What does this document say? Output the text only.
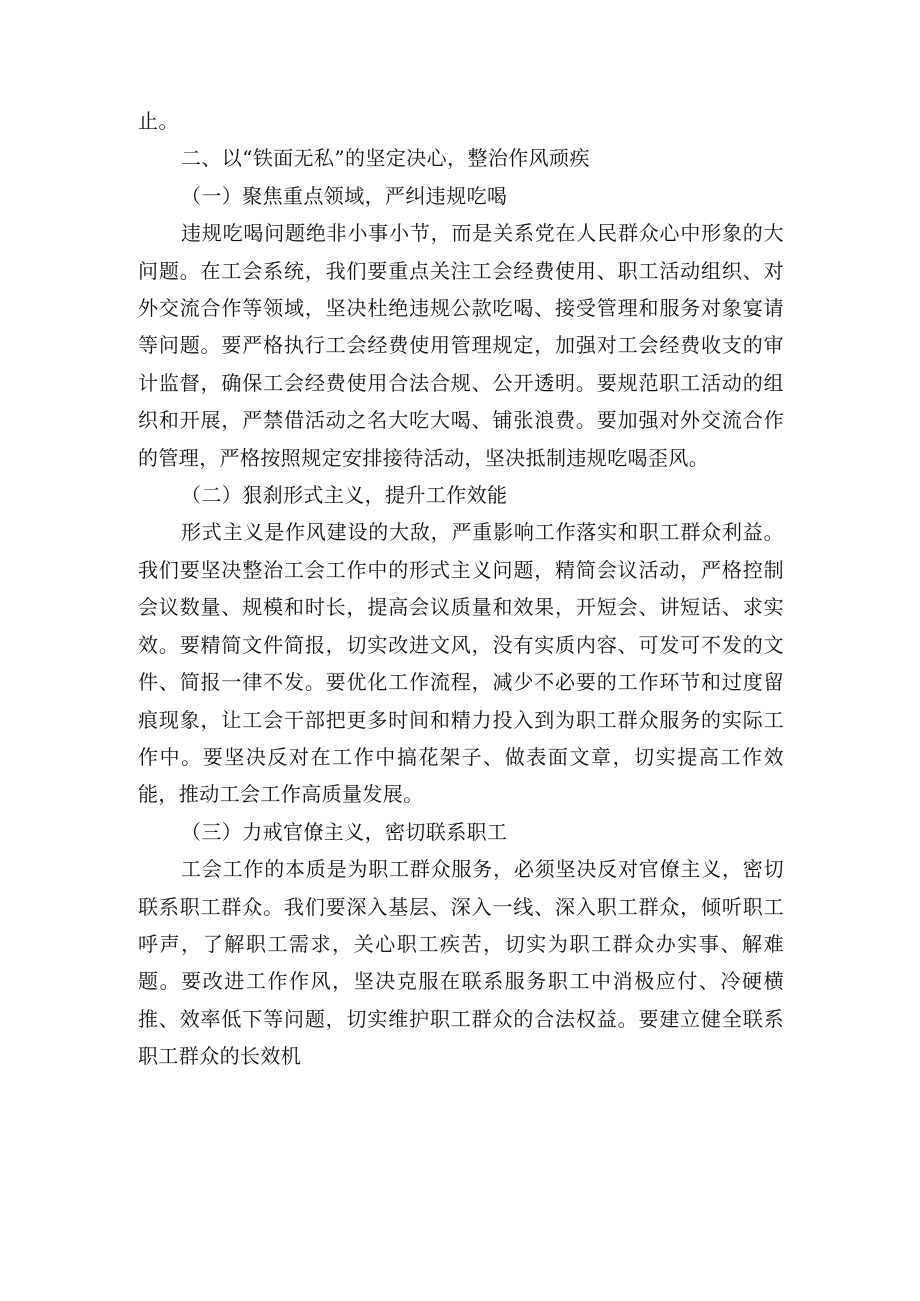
止。

二、以“铁面无私”的坚定决心，整治作风顽疾

（一）聚焦重点领域，严纠违规吃喝

违规吃喝问题绝非小事小节，而是关系党在人民群众心中形象的大问题。在工会系统，我们要重点关注工会经费使用、职工活动组织、对外交流合作等领域，坚决杜绝违规公款吃喝、接受管理和服务对象宴请等问题。要严格执行工会经费使用管理规定，加强对工会经费收支的审计监督，确保工会经费使用合法合规、公开透明。要规范职工活动的组织和开展，严禁借活动之名大吃大喝、铺张浪费。要加强对外交流合作的管理，严格按照规定安排接待活动，坚决抵制违规吃喝歪风。

（二）狠刹形式主义，提升工作效能

形式主义是作风建设的大敌，严重影响工作落实和职工群众利益。我们要坚决整治工会工作中的形式主义问题，精简会议活动，严格控制会议数量、规模和时长，提高会议质量和效果，开短会、讲短话、求实效。要精简文件简报，切实改进文风，没有实质内容、可发可不发的文件、简报一律不发。要优化工作流程，减少不必要的工作环节和过度留痕现象，让工会干部把更多时间和精力投入到为职工群众服务的实际工作中。要坚决反对在工作中搞花架子、做表面文章，切实提高工作效能，推动工会工作高质量发展。

（三）力戒官僚主义，密切联系职工

工会工作的本质是为职工群众服务，必须坚决反对官僚主义，密切联系职工群众。我们要深入基层、深入一线、深入职工群众，倾听职工呼声，了解职工需求，关心职工疾苦，切实为职工群众办实事、解难题。要改进工作作风，坚决克服在联系服务职工中消极应付、冷硬横推、效率低下等问题，切实维护职工群众的合法权益。要建立健全联系职工群众的长效机
